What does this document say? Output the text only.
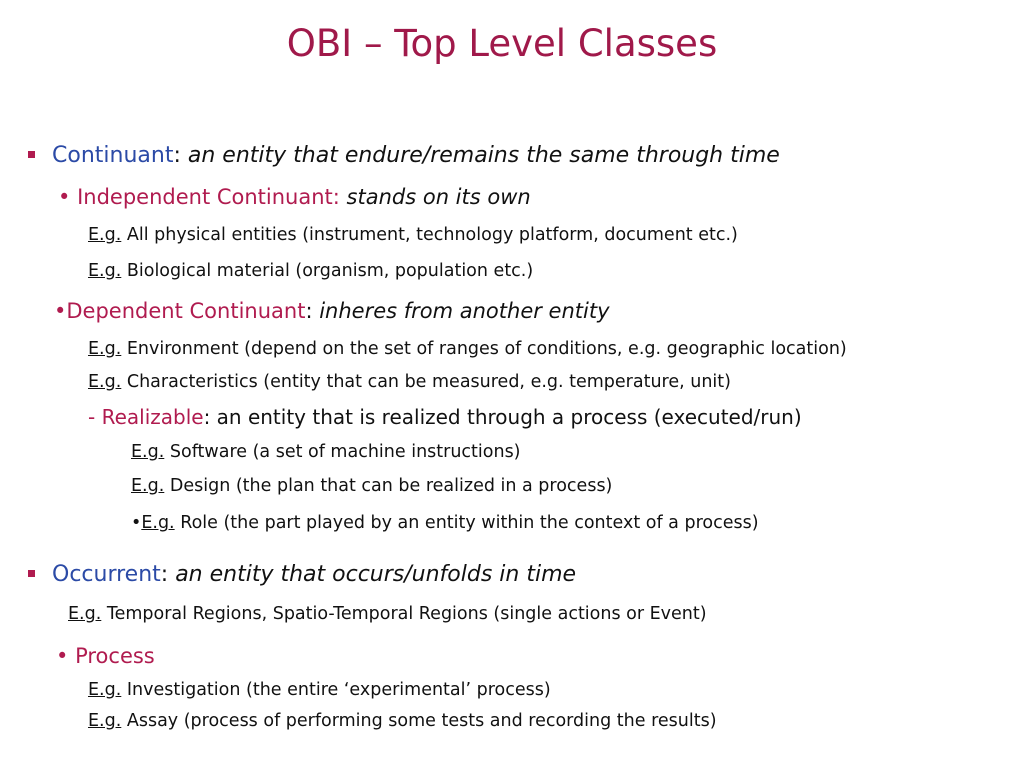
OBI – Top Level Classes
Continuant: an entity that endure/remains the same through time
• Independent Continuant: stands on its own
E.g. All physical entities (instrument, technology platform, document etc.)
E.g. Biological material (organism, population etc.)
•Dependent Continuant: inheres from another entity
E.g. Environment (depend on the set of ranges of conditions, e.g. geographic location)
E.g. Characteristics (entity that can be measured, e.g. temperature, unit)
- Realizable: an entity that is realized through a process (executed/run)
E.g. Software (a set of machine instructions)
E.g. Design (the plan that can be realized in a process)
•E.g. Role (the part played by an entity within the context of a process)
Occurrent: an entity that occurs/unfolds in time
E.g. Temporal Regions, Spatio-Temporal Regions (single actions or Event)
• Process
E.g. Investigation (the entire ‘experimental’ process)
E.g. Assay (process of performing some tests and recording the results)
